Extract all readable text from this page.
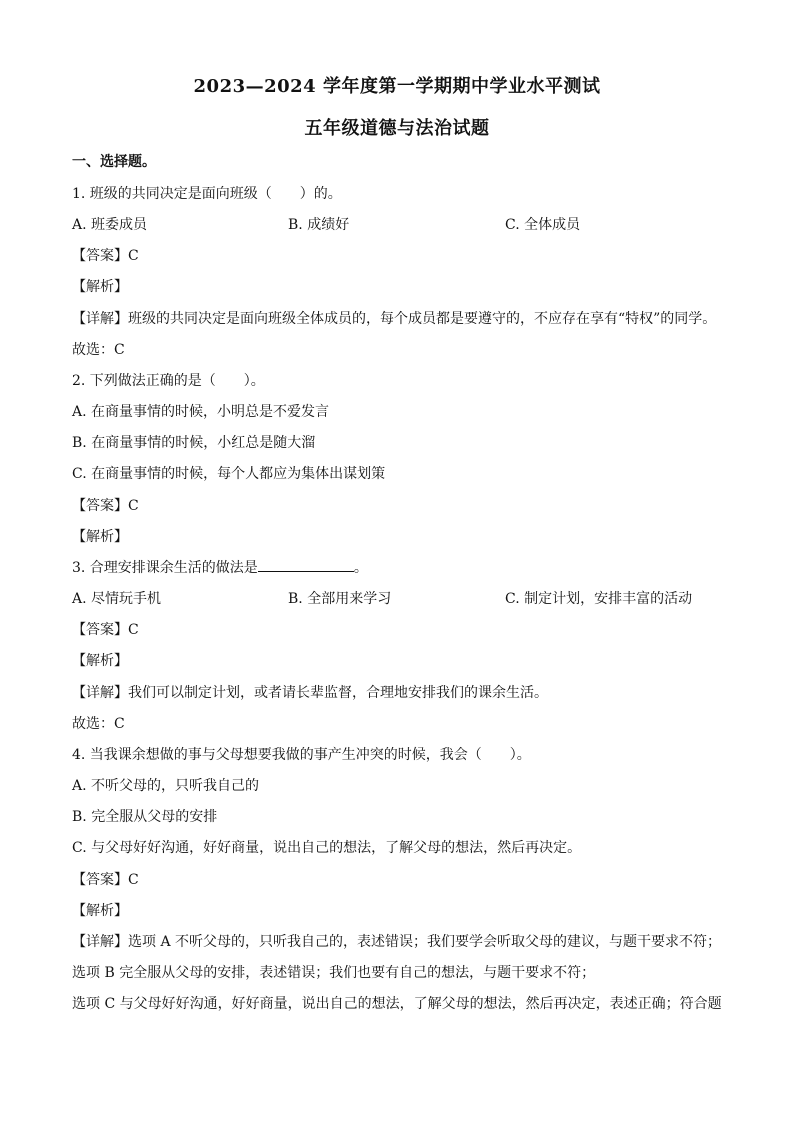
2023—2024 学年度第一学期期中学业水平测试
五年级道德与法治试题
一、选择题。
1. 班级的共同决定是面向班级（　　）的。
A. 班委成员	B. 成绩好	C. 全体成员
【答案】C
【解析】
【详解】班级的共同决定是面向班级全体成员的，每个成员都是要遵守的，不应存在享有“特权”的同学。
故选：C
2. 下列做法正确的是（　　）。
A. 在商量事情的时候，小明总是不爱发言
B. 在商量事情的时候，小红总是随大溜
C. 在商量事情的时候，每个人都应为集体出谋划策
【答案】C
【解析】
3. 合理安排课余生活的做法是	。
A. 尽情玩手机	B. 全部用来学习	C. 制定计划，安排丰富的活动
【答案】C
【解析】
【详解】我们可以制定计划，或者请长辈监督，合理地安排我们的课余生活。
故选：C
4. 当我课余想做的事与父母想要我做的事产生冲突的时候，我会（　　）。
A. 不听父母的，只听我自己的
B. 完全服从父母的安排
C. 与父母好好沟通，好好商量，说出自己的想法，了解父母的想法，然后再决定。
【答案】C
【解析】
【详解】选项 A 不听父母的，只听我自己的，表述错误；我们要学会听取父母的建议，与题干要求不符；
选项 B 完全服从父母的安排，表述错误；我们也要有自己的想法，与题干要求不符；
选项 C 与父母好好沟通，好好商量，说出自己的想法，了解父母的想法，然后再决定，表述正确；符合题
